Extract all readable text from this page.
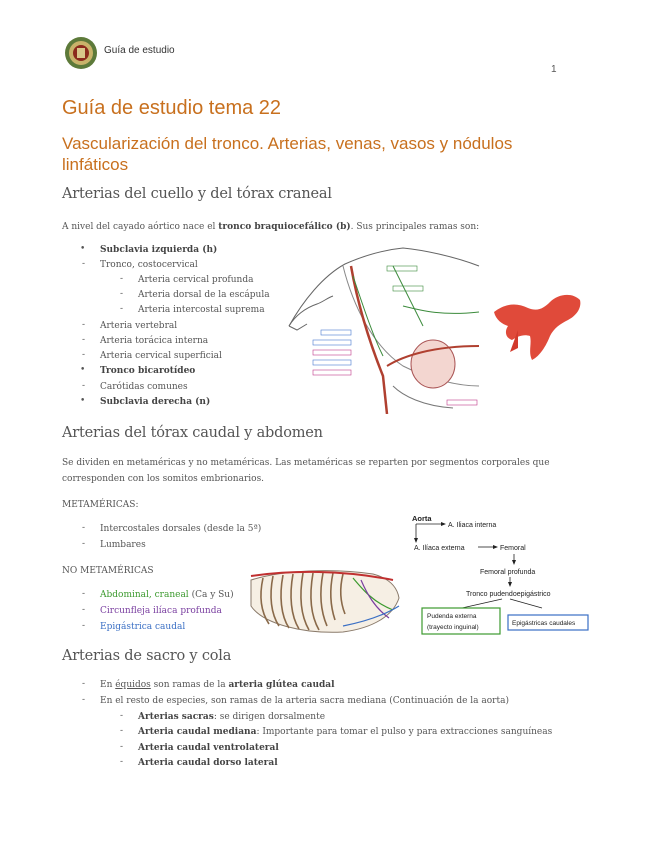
Guía de estudio
1
Guía de estudio tema 22
Vascularización del tronco. Arterias, venas, vasos y nódulos linfáticos
Arterias del cuello y del tórax craneal
A nivel del cayado aórtico nace el tronco braquiocefálico (b). Sus principales ramas son:
• Subclavia izquierda (h)
- Tronco, costocervical
- Arteria cervical profunda
- Arteria dorsal de la escápula
- Arteria intercostal suprema
- Arteria vertebral
- Arteria torácica interna
- Arteria cervical superficial
• Tronco bicarotídeo
- Carótidas comunes
• Subclavia derecha (n)
Arterias del tórax caudal y abdomen
Se dividen en metaméricas y no metaméricas. Las metaméricas se reparten por segmentos corporales que corresponden con los somitos embrionarios.
METAMÉRICAS:
- Intercostales dorsales (desde la 5ª)
- Lumbares
NO METAMÉRICAS
- Abdominal, craneal (Ca y Su)
- Circunfleja ilíaca profunda
- Epigástrica caudal
Aorta
A. Iliaca interna
A. Ilíaca externa	Femoral
Femoral profunda
Tronco pudendoepigástrico
Pudenda externa
(trayecto inguinal)
Epigástricas caudales
Arterias de sacro y cola
- En équidos son ramas de la arteria glútea caudal
- En el resto de especies, son ramas de la arteria sacra mediana (Continuación de la aorta)
- Arterias sacras: se dirigen dorsalmente
- Arteria caudal mediana: Importante para tomar el pulso y para extracciones sanguíneas
- Arteria caudal ventrolateral
- Arteria caudal dorso lateral
